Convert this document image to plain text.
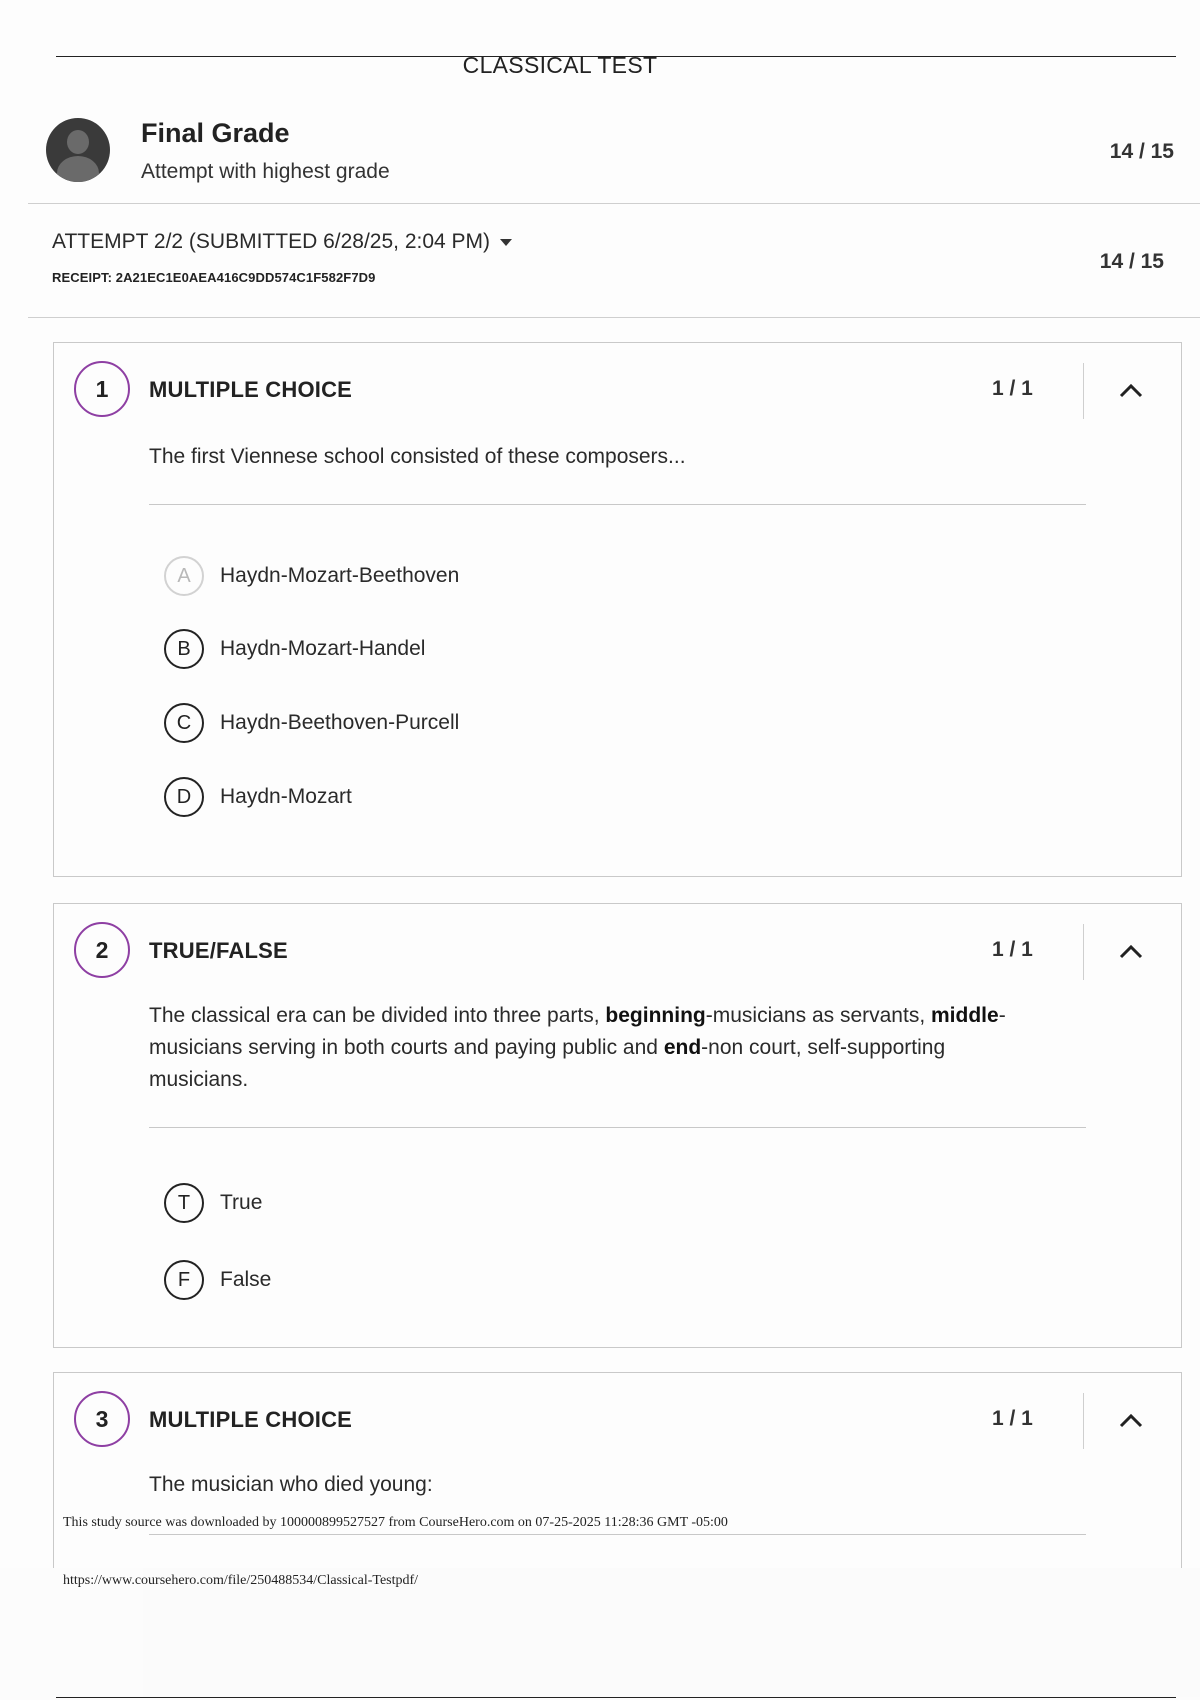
CLASSICAL TEST
Final Grade
Attempt with highest grade
14 / 15
ATTEMPT 2/2 (SUBMITTED 6/28/25, 2:04 PM)
RECEIPT: 2A21EC1E0AEA416C9DD574C1F582F7D9
14 / 15
1	MULTIPLE CHOICE	1 / 1
The first Viennese school consisted of these composers...
A	Haydn-Mozart-Beethoven
B	Haydn-Mozart-Handel
C	Haydn-Beethoven-Purcell
D	Haydn-Mozart
2	TRUE/FALSE	1 / 1
The classical era can be divided into three parts, beginning-musicians as servants, middle-musicians serving in both courts and paying public and end-non court, self-supporting musicians.
T	True
F	False
3	MULTIPLE CHOICE	1 / 1
The musician who died young:
This study source was downloaded by 100000899527527 from CourseHero.com on 07-25-2025 11:28:36 GMT -05:00
https://www.coursehero.com/file/250488534/Classical-Testpdf/
